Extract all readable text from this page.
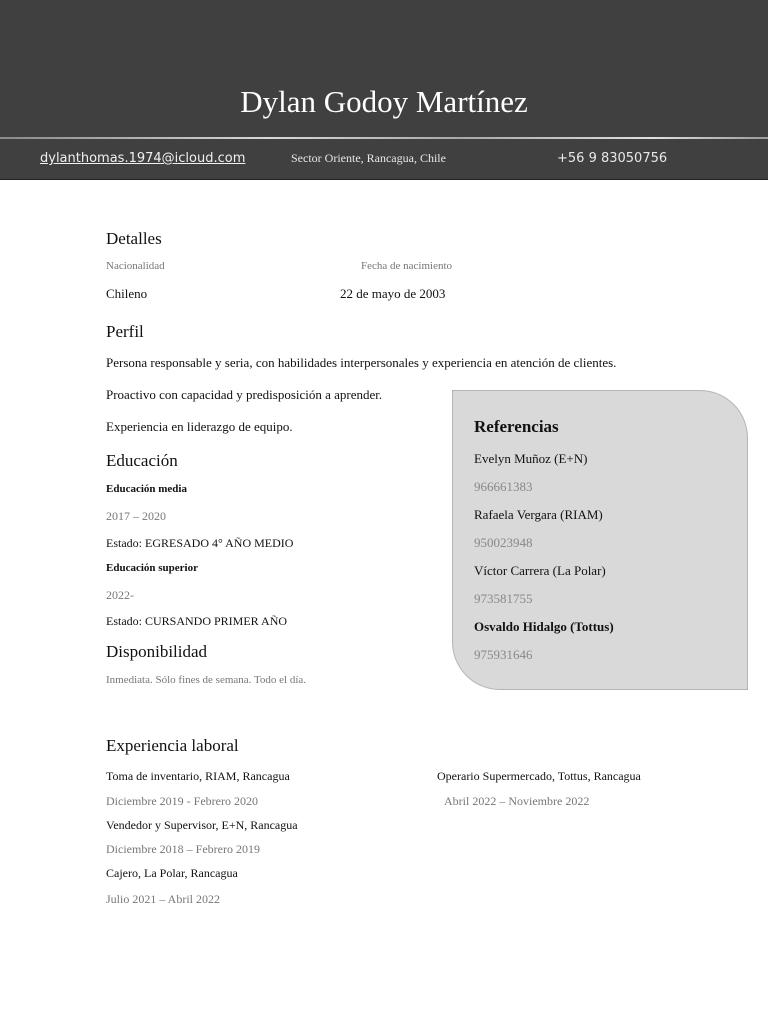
Dylan Godoy Martínez
dylanthomas.1974@icloud.com	Sector Oriente, Rancagua, Chile	+56 9 83050756
Detalles
Nacionalidad	Fecha de nacimiento
Chileno	22 de mayo de 2003
Perfil
Persona responsable y seria, con habilidades interpersonales y experiencia en atención de clientes.
Proactivo con capacidad y predisposición a aprender.
Experiencia en liderazgo de equipo.	Referencias
Evelyn Muñoz (E+N)
966661383
Rafaela Vergara (RIAM)
950023948
Víctor Carrera (La Polar)
973581755
Osvaldo Hidalgo (Tottus)
975931646
Educación
Educación media
2017 – 2020
Estado: EGRESADO 4° AÑO MEDIO
Educación superior
2022-
Estado: CURSANDO PRIMER AÑO
Disponibilidad
Inmediata. Sólo fines de semana. Todo el día.
Experiencia laboral
Toma de inventario, RIAM, Rancagua
Diciembre 2019 - Febrero 2020
Vendedor y Supervisor, E+N, Rancagua
Diciembre 2018 – Febrero 2019
Cajero, La Polar, Rancagua
Julio 2021 – Abril 2022
Operario Supermercado, Tottus, Rancagua
Abril 2022 – Noviembre 2022
